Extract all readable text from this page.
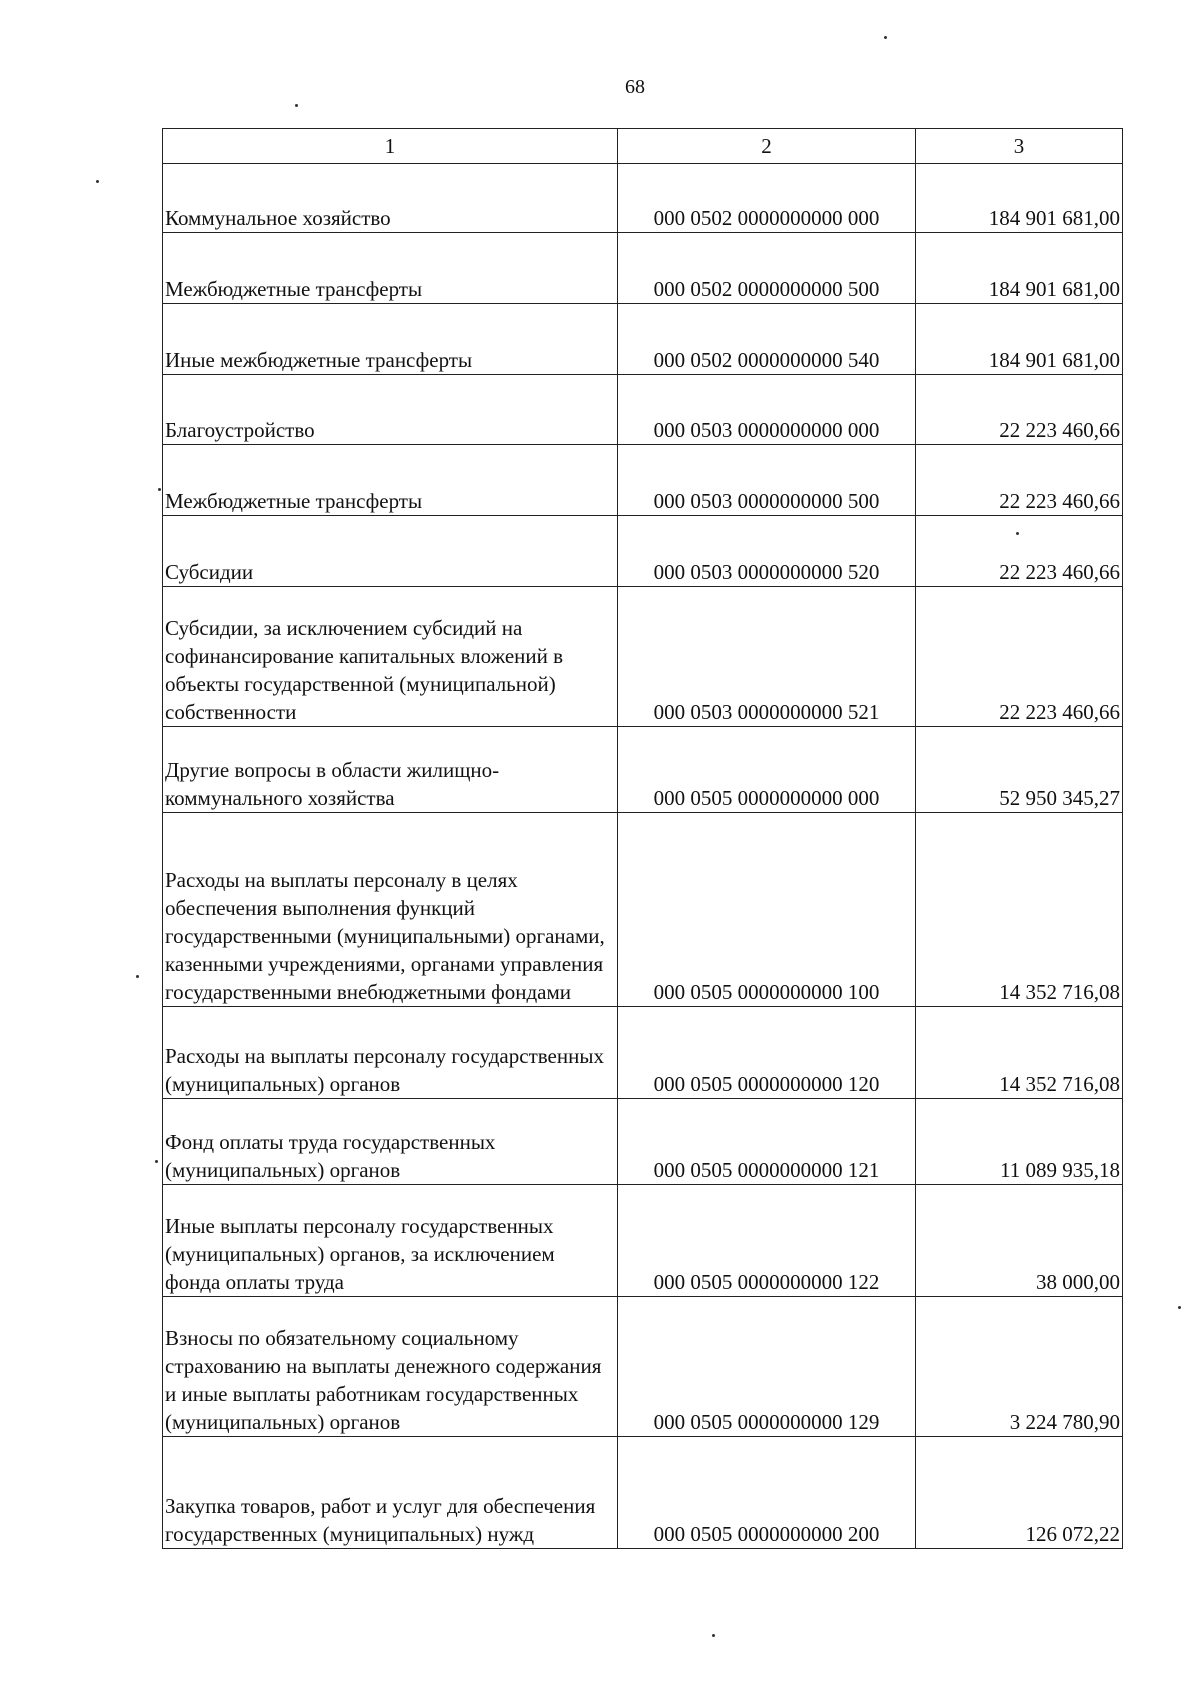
68
1	2	3
Коммунальное хозяйство	000 0502 0000000000 000	184 901 681,00
Межбюджетные трансферты	000 0502 0000000000 500	184 901 681,00
Иные межбюджетные трансферты	000 0502 0000000000 540	184 901 681,00
Благоустройство	000 0503 0000000000 000	22 223 460,66
Межбюджетные трансферты	000 0503 0000000000 500	22 223 460,66
Субсидии	000 0503 0000000000 520	22 223 460,66
Субсидии, за исключением субсидий на софинансирование капитальных вложений в объекты государственной (муниципальной) собственности	000 0503 0000000000 521	22 223 460,66
Другие вопросы в области жилищно-коммунального хозяйства	000 0505 0000000000 000	52 950 345,27
Расходы на выплаты персоналу в целях обеспечения выполнения функций государственными (муниципальными) органами, казенными учреждениями, органами управления государственными внебюджетными фондами	000 0505 0000000000 100	14 352 716,08
Расходы на выплаты персоналу государственных (муниципальных) органов	000 0505 0000000000 120	14 352 716,08
Фонд оплаты труда государственных (муниципальных) органов	000 0505 0000000000 121	11 089 935,18
Иные выплаты персоналу государственных (муниципальных) органов, за исключением фонда оплаты труда	000 0505 0000000000 122	38 000,00
Взносы по обязательному социальному страхованию на выплаты денежного содержания и иные выплаты работникам государственных (муниципальных) органов	000 0505 0000000000 129	3 224 780,90
Закупка товаров, работ и услуг для обеспечения государственных (муниципальных) нужд	000 0505 0000000000 200	126 072,22
